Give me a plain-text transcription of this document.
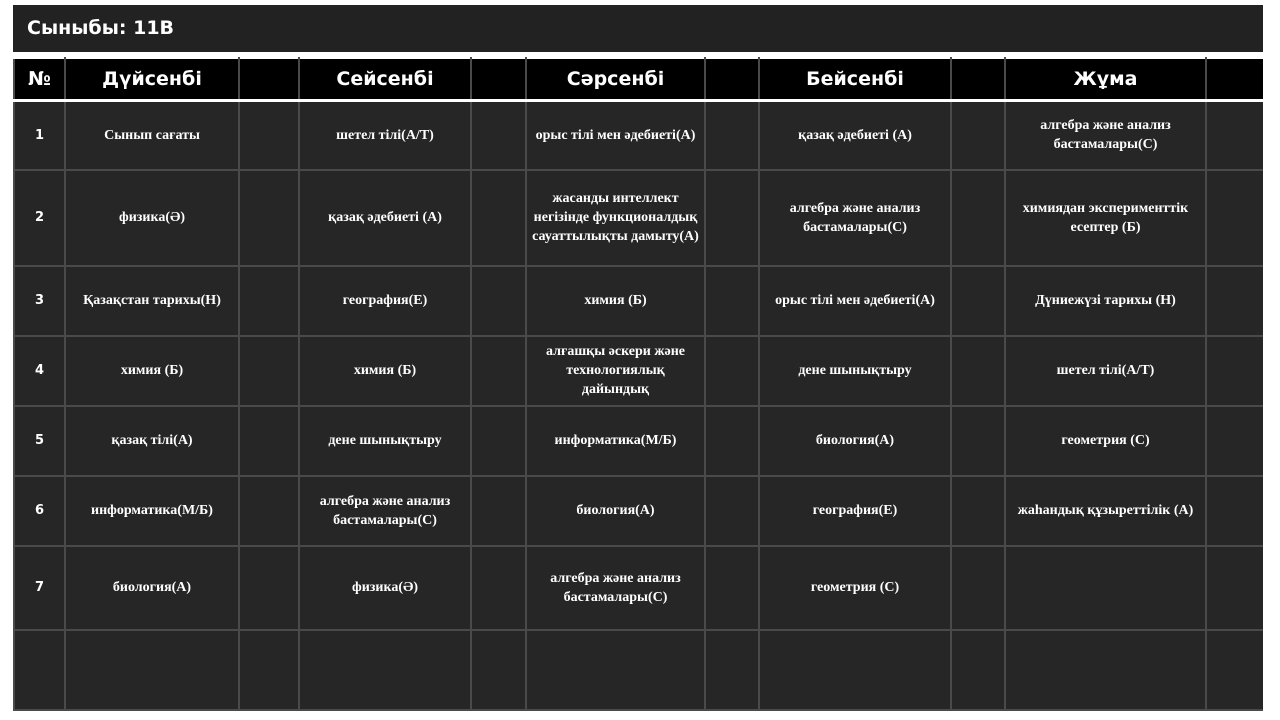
Сыныбы: 11B
№	Дүйсенбі		Сейсенбі		Сәрсенбі		Бейсенбі		Жұма	
1	Сынып сағаты		шетел тілі(А/Т)		орыс тілі мен әдебиеті(А)		қазақ әдебиеті (А)		алгебра және анализ бастамалары(С)	
2	физика(Ә)		қазақ әдебиеті (А)		жасанды интеллект негізінде функционалдық сауаттылықты дамыту(А)		алгебра және анализ бастамалары(С)		химиядан эксперименттік есептер (Б)	
3	Қазақстан тарихы(Н)		география(Е)		химия (Б)		орыс тілі мен әдебиеті(А)		Дүниежүзі тарихы (Н)	
4	химия (Б)		химия (Б)		алғашқы әскери және технологиялық дайындық		дене шынықтыру		шетел тілі(А/Т)	
5	қазақ тілі(А)		дене шынықтыру		информатика(М/Б)		биология(А)		геометрия (С)	
6	информатика(М/Б)		алгебра және анализ бастамалары(С)		биология(А)		география(Е)		жаһандық құзыреттілік (А)	
7	биология(А)		физика(Ә)		алгебра және анализ бастамалары(С)		геометрия (С)			
